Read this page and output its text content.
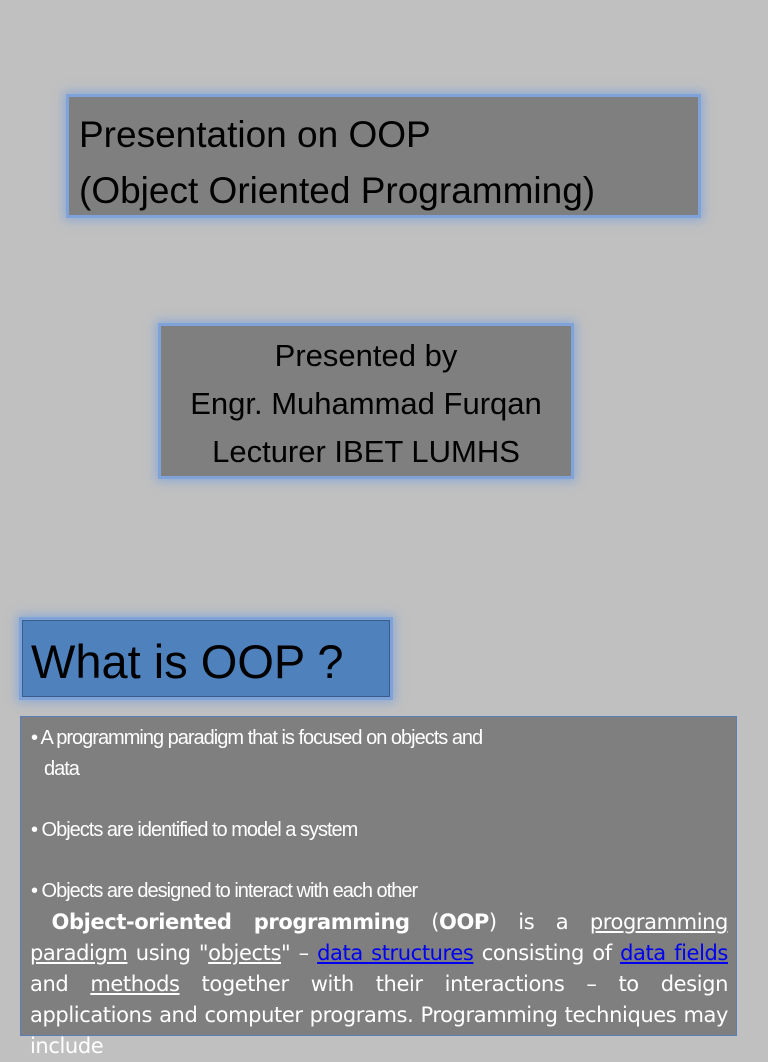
Presentation on OOP
(Object Oriented Programming)
Presented by
Engr. Muhammad Furqan
Lecturer IBET LUMHS
What is OOP ?
• A programming paradigm that is focused on objects and
data
• Objects are identified to model a system
• Objects are designed to interact with each other
Object-oriented programming (OOP) is a programming paradigm using "objects" – data structures consisting of data fields and methods together with their interactions – to design applications and computer programs. Programming techniques may include
